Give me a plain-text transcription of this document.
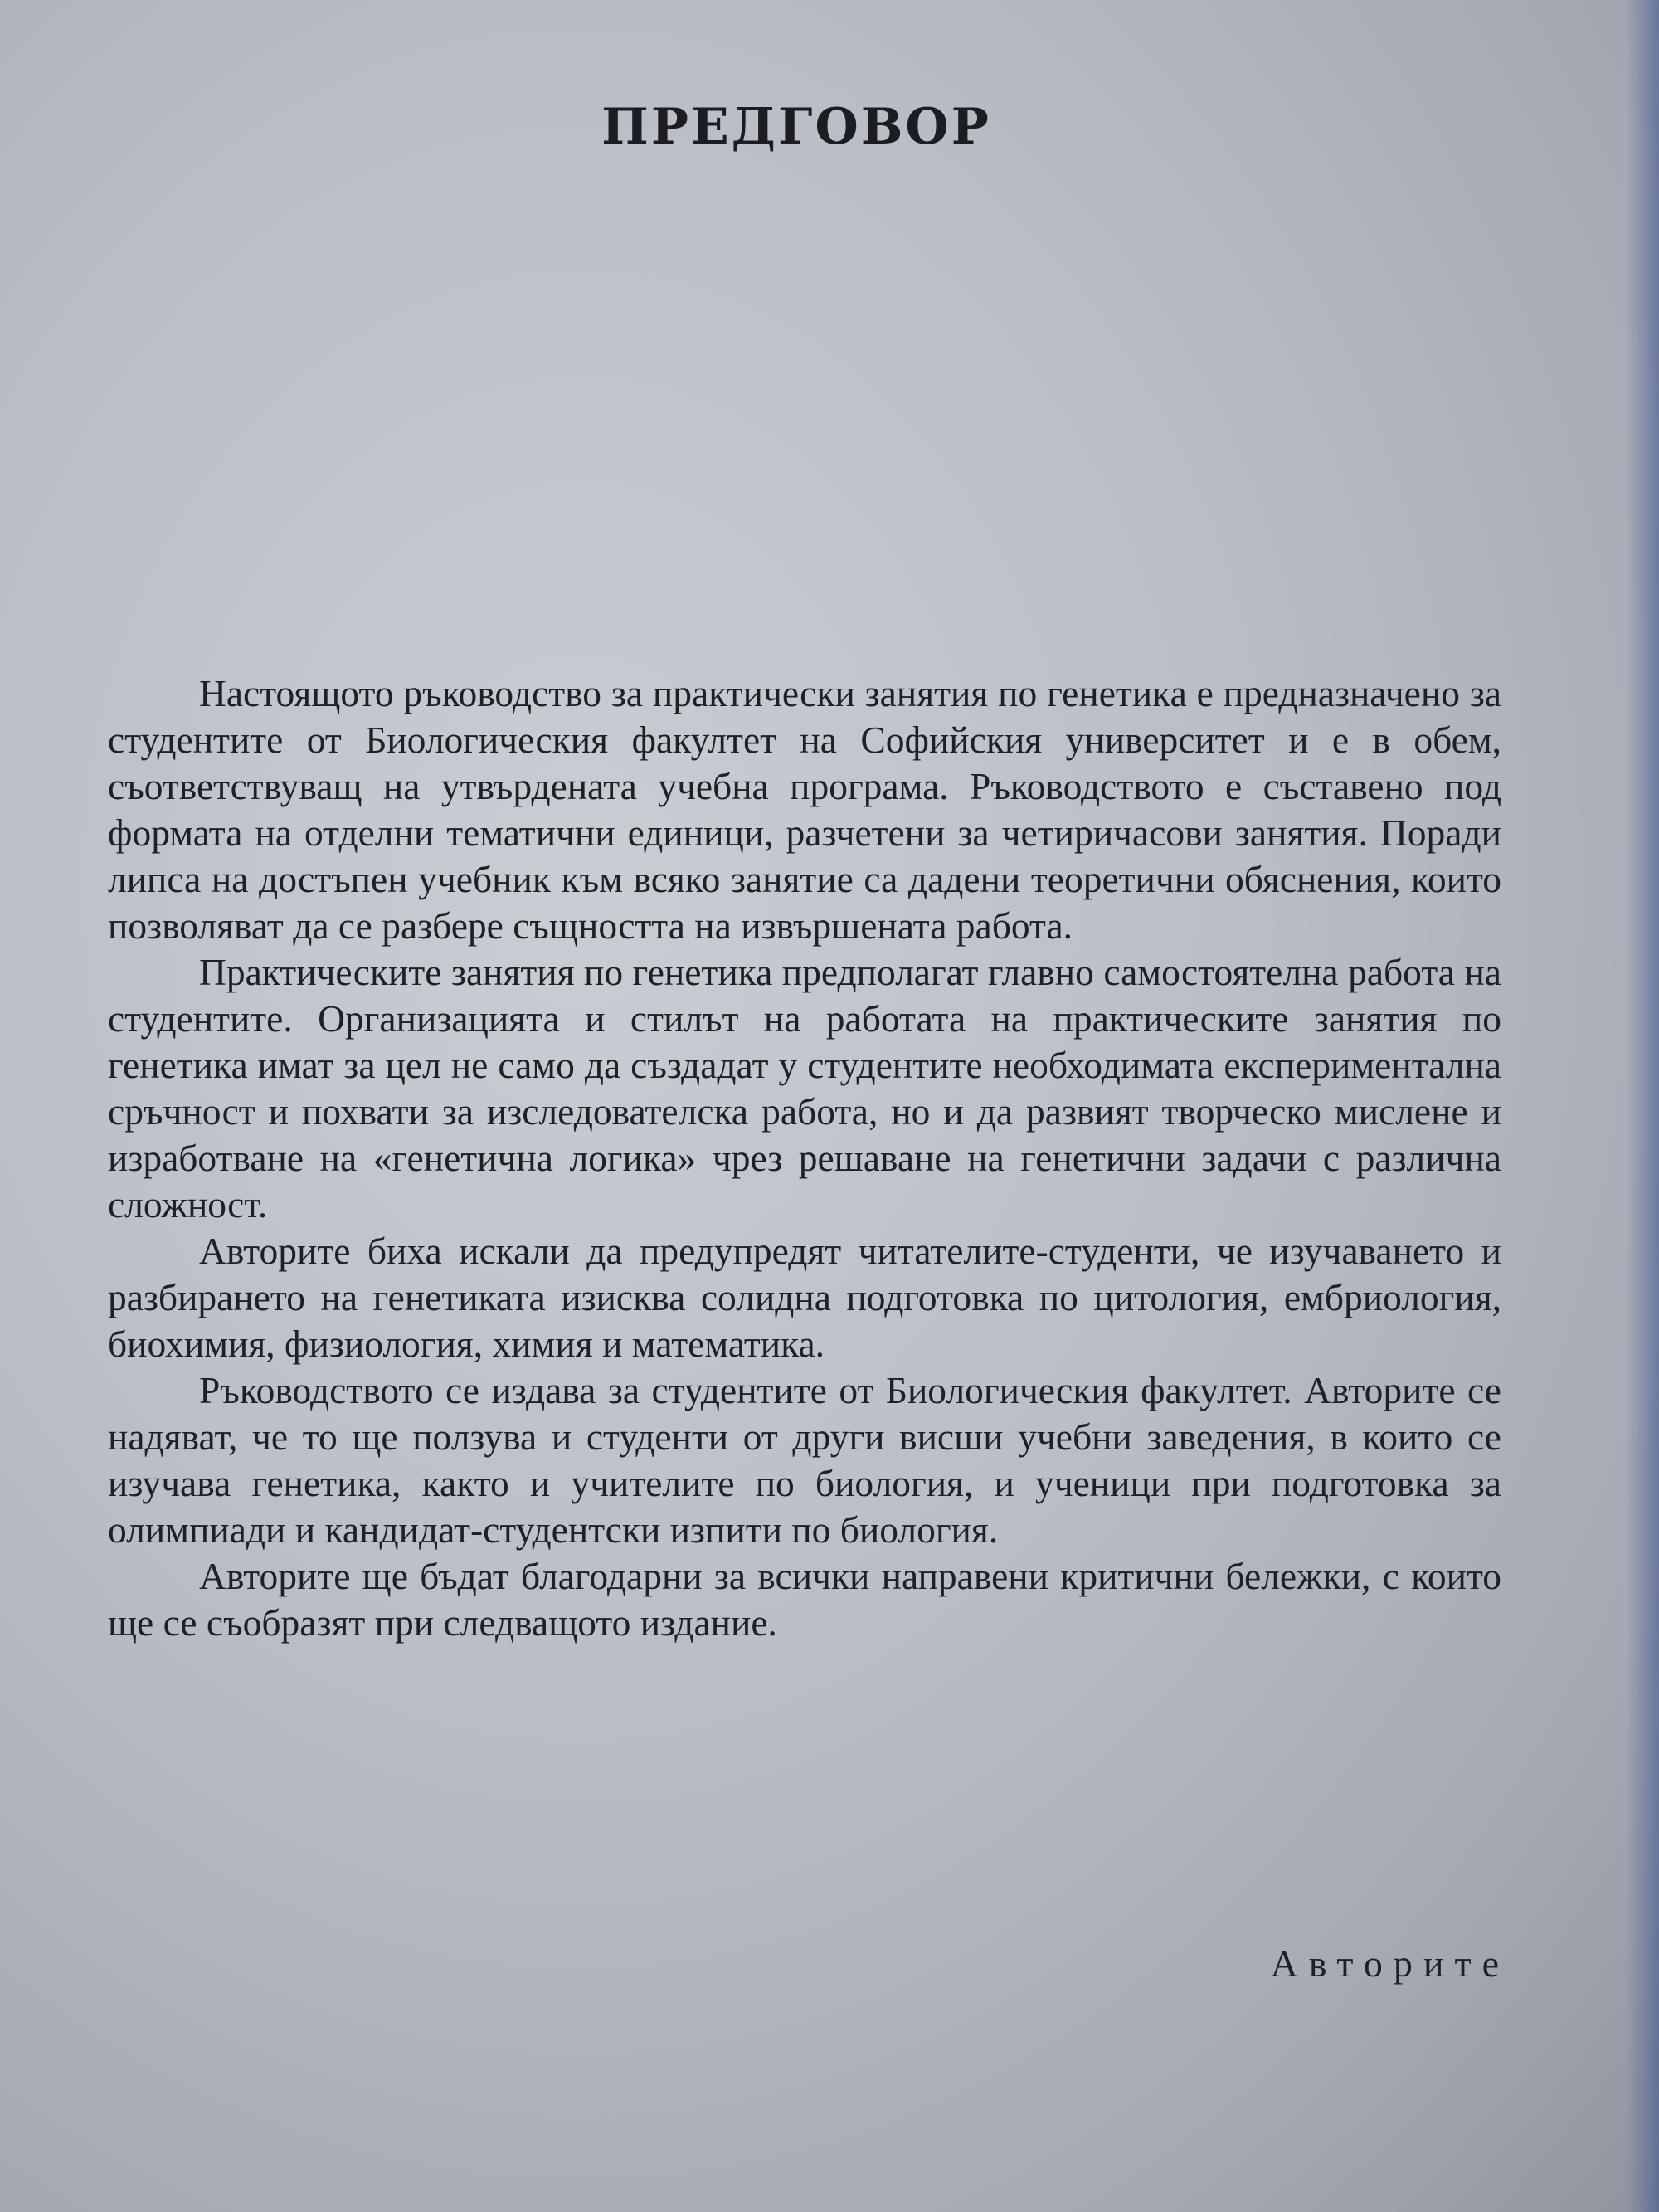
ПРЕДГОВОР

Настоящото ръководство за практически занятия по генетика е предназначено за студентите от Биологическия факултет на Софийския университет и е в обем, съответствуващ на утвърдената учебна програма. Ръководството е съставено под формата на отделни тематични единици, разчетени за четиричасови занятия. Поради липса на достъпен учебник към всяко занятие са дадени теоретични обяснения, които позволяват да се разбере същността на извършената работа.

Практическите занятия по генетика предполагат главно самостоятелна работа на студентите. Организацията и стилът на работата на практическите занятия по генетика имат за цел не само да създадат у студентите необходимата експериментална сръчност и похвати за изследователска работа, но и да развият творческо мислене и изработване на «генетична логика» чрез решаване на генетични задачи с различна сложност.

Авторите биха искали да предупредят читателите-студенти, че изучаването и разбирането на генетиката изисква солидна подготовка по цитология, ембриология, биохимия, физиология, химия и математика.

Ръководството се издава за студентите от Биологическия факултет. Авторите се надяват, че то ще ползува и студенти от други висши учебни заведения, в които се изучава генетика, както и учителите по биология, и ученици при подготовка за олимпиади и кандидат-студентски изпити по биология.

Авторите ще бъдат благодарни за всички направени критични бележки, с които ще се съобразят при следващото издание.

Авторите
